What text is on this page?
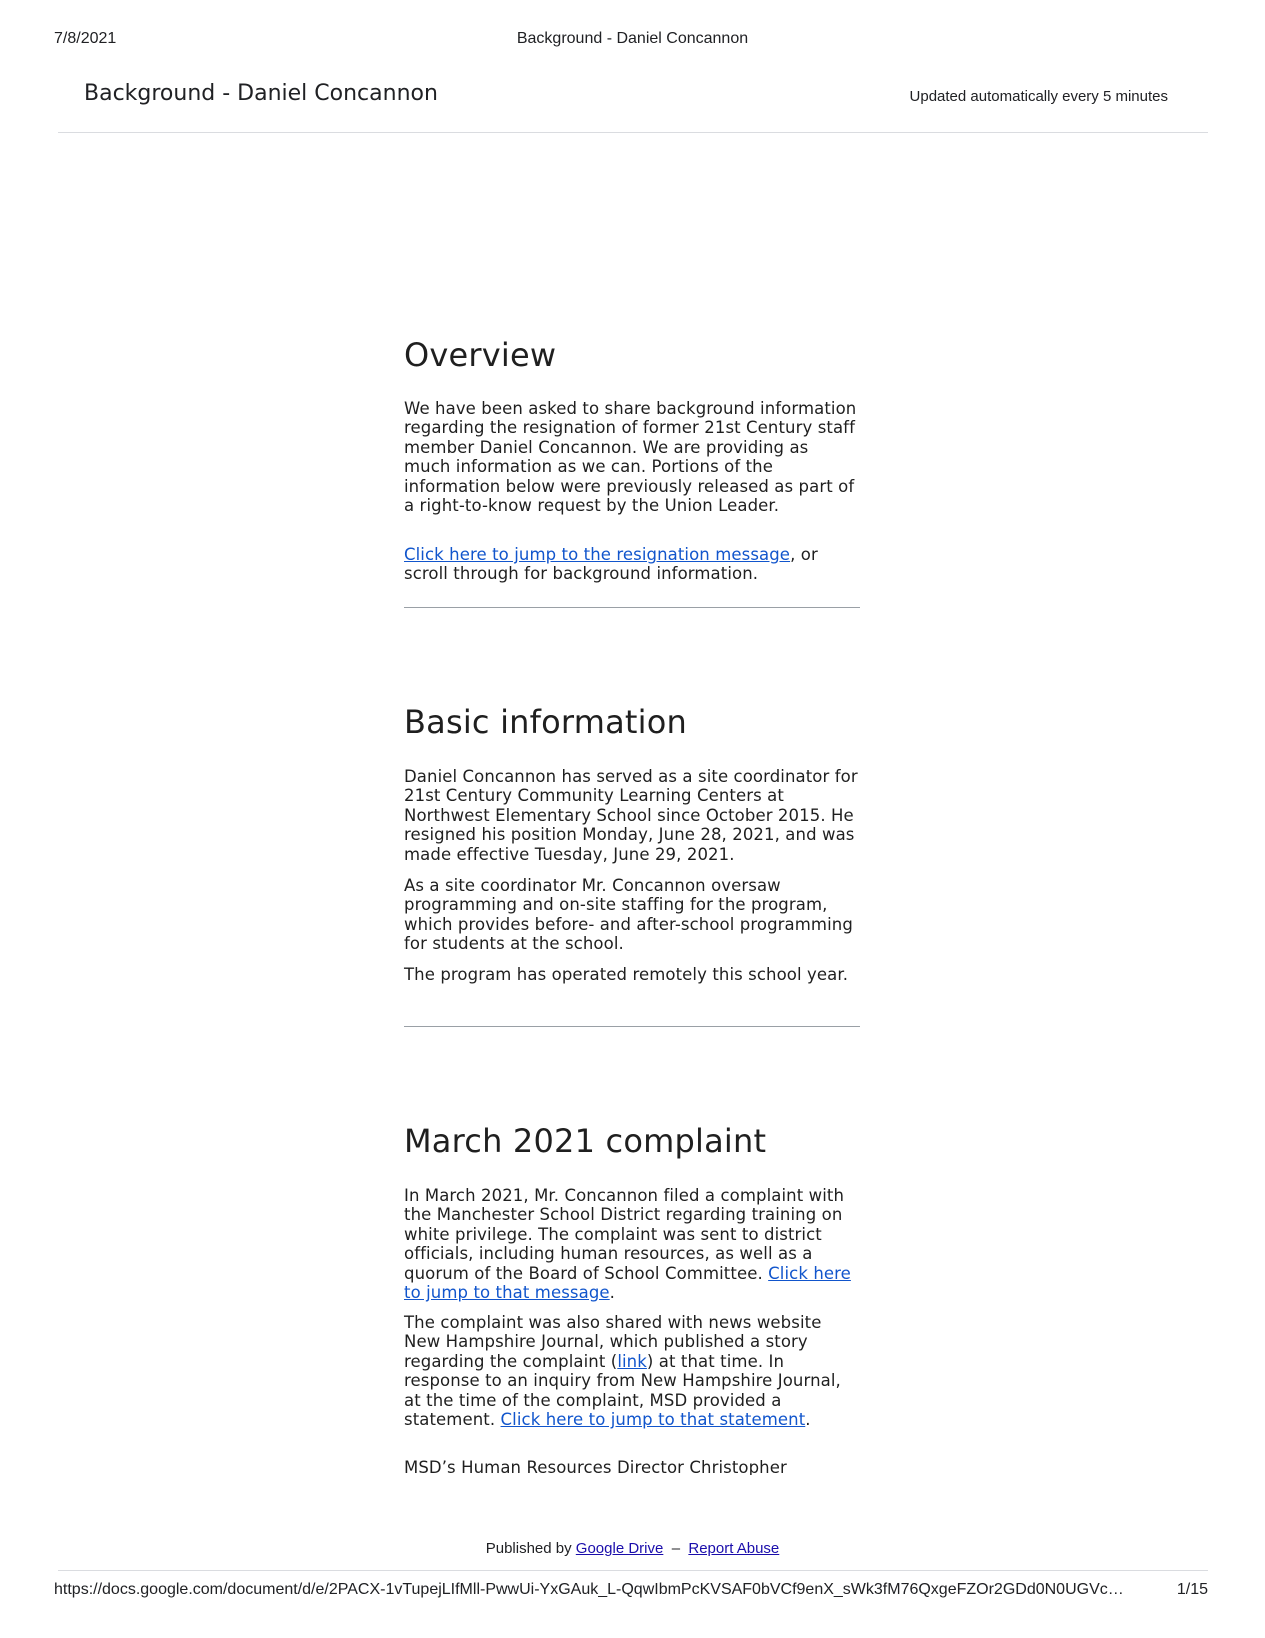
7/8/2021	Background - Daniel Concannon
Background - Daniel Concannon	Updated automatically every 5 minutes
Overview

We have been asked to share background information regarding the resignation of former 21st Century staff member Daniel Concannon. We are providing as much information as we can. Portions of the information below were previously released as part of a right-to-know request by the Union Leader.

Click here to jump to the resignation message, or scroll through for background information.

Basic information

Daniel Concannon has served as a site coordinator for 21st Century Community Learning Centers at Northwest Elementary School since October 2015. He resigned his position Monday, June 28, 2021, and was made effective Tuesday, June 29, 2021.

As a site coordinator Mr. Concannon oversaw programming and on-site staffing for the program, which provides before- and after-school programming for students at the school.

The program has operated remotely this school year.

March 2021 complaint

In March 2021, Mr. Concannon filed a complaint with the Manchester School District regarding training on white privilege. The complaint was sent to district officials, including human resources, as well as a quorum of the Board of School Committee. Click here to jump to that message.

The complaint was also shared with news website New Hampshire Journal, which published a story regarding the complaint (link) at that time. In response to an inquiry from New Hampshire Journal, at the time of the complaint, MSD provided a statement. Click here to jump to that statement.

MSD’s Human Resources Director Christopher

Published by Google Drive – Report Abuse
https://docs.google.com/document/d/e/2PACX-1vTupejLIfMll-PwwUi-YxGAuk_L-QqwIbmPcKVSAF0bVCf9enX_sWk3fM76QxgeFZOr2GDd0N0UGVc…	1/15
